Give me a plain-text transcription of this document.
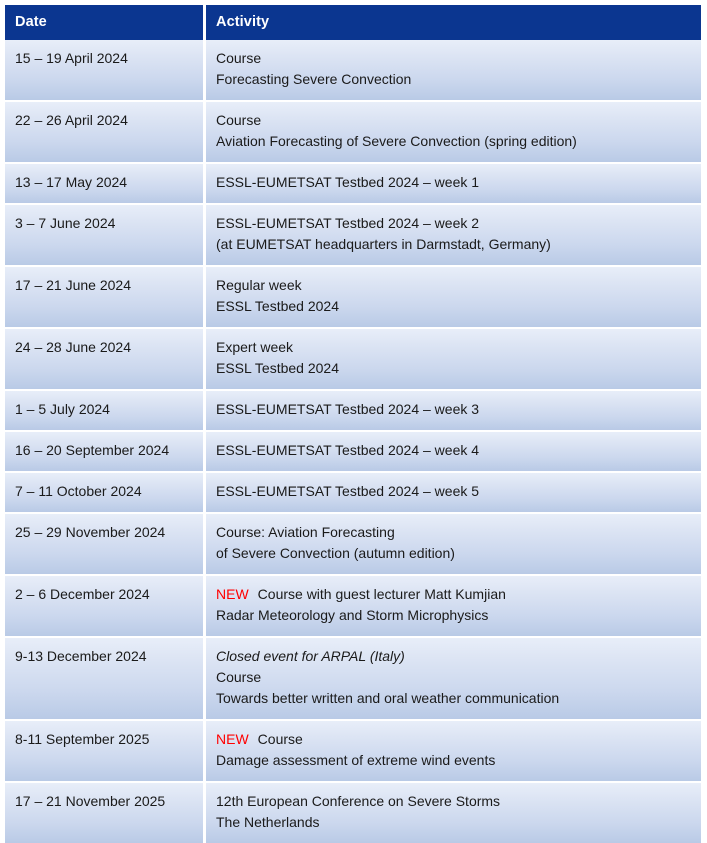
Date	Activity
15 – 19 April 2024	Course
Forecasting Severe Convection

22 – 26 April 2024	Course
Aviation Forecasting of Severe Convection (spring edition)

13 – 17 May 2024	ESSL-EUMETSAT Testbed 2024 – week 1

3 – 7 June 2024	ESSL-EUMETSAT Testbed 2024 – week 2
(at EUMETSAT headquarters in Darmstadt, Germany)

17 – 21 June 2024	Regular week
ESSL Testbed 2024

24 – 28 June 2024	Expert week
ESSL Testbed 2024

1 – 5 July 2024	ESSL-EUMETSAT Testbed 2024 – week 3

16 – 20 September 2024	ESSL-EUMETSAT Testbed 2024 – week 4

7 – 11 October 2024	ESSL-EUMETSAT Testbed 2024 – week 5

25 – 29 November 2024	Course: Aviation Forecasting
of Severe Convection (autumn edition)

2 – 6 December 2024	NEW Course with guest lecturer Matt Kumjian
Radar Meteorology and Storm Microphysics

9-13 December 2024	Closed event for ARPAL (Italy)
Course
Towards better written and oral weather communication

8-11 September 2025	NEW Course
Damage assessment of extreme wind events

17 – 21 November 2025	12th European Conference on Severe Storms
The Netherlands
